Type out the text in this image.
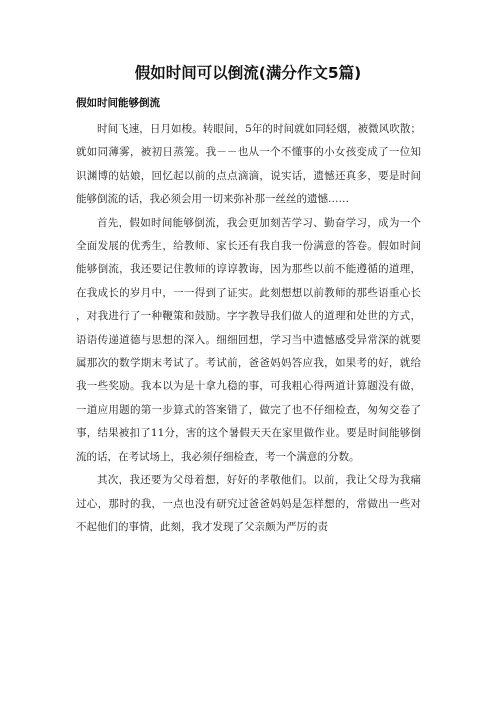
假如时间可以倒流(满分作文5篇)
假如时间能够倒流

时间飞速，日月如梭。转眼间，5年的时间就如同轻烟，被微风吹散；就如同薄雾，被初日蒸笼。我－－也从一个不懂事的小女孩变成了一位知识渊博的姑娘，回忆起以前的点点滴滴，说实话，遗憾还真多，要是时间能够倒流的话，我必须会用一切来弥补那一丝丝的遗憾……

首先，假如时间能够倒流，我会更加刻苦学习、勤奋学习，成为一个全面发展的优秀生，给教师、家长还有我自我一份满意的答卷。假如时间能够倒流，我还要记住教师的谆谆教诲，因为那些以前不能遵循的道理，在我成长的岁月中，一一得到了证实。此刻想想以前教师的那些语重心长，对我进行了一种鞭策和鼓励。字字教导我们做人的道理和处世的方式，语语传递道德与思想的深入。细细回想，学习当中遗憾感受异常深的就要属那次的数学期末考试了。考试前，爸爸妈妈答应我，如果考的好，就给我一些奖励。我本以为是十拿九稳的事，可我粗心得两道计算题没有做，一道应用题的第一步算式的答案错了，做完了也不仔细检查，匆匆交卷了事，结果被扣了11分，害的这个暑假天天在家里做作业。要是时间能够倒流的话，在考试场上，我必须仔细检查，考一个满意的分数。

其次，我还要为父母着想，好好的孝敬他们。以前，我让父母为我痛过心，那时的我，一点也没有研究过爸爸妈妈是怎样想的，常做出一些对不起他们的事情，此刻，我才发现了父亲颇为严厉的责
